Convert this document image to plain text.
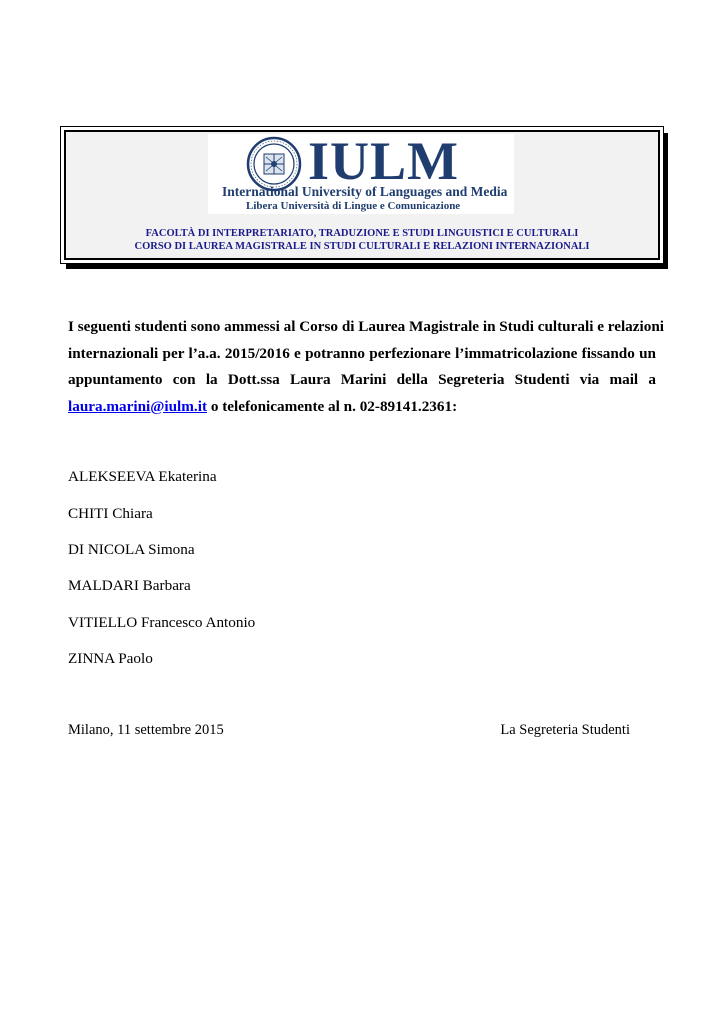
IULM
International University of Languages and Media
Libera Università di Lingue e Comunicazione
FACOLTÀ DI INTERPRETARIATO, TRADUZIONE E STUDI LINGUISTICI E CULTURALI
CORSO DI LAUREA MAGISTRALE IN STUDI CULTURALI E RELAZIONI INTERNAZIONALI
I seguenti studenti sono ammessi al Corso di Laurea Magistrale in Studi culturali e relazioni
internazionali per l’a.a. 2015/2016 e potranno perfezionare l’immatricolazione fissando un
appuntamento con la Dott.ssa Laura Marini della Segreteria Studenti via mail a
laura.marini@iulm.it o telefonicamente al n. 02-89141.2361:
ALEKSEEVA Ekaterina
CHITI Chiara
DI NICOLA Simona
MALDARI Barbara
VITIELLO Francesco Antonio
ZINNA Paolo
Milano, 11 settembre 2015	La Segreteria Studenti
